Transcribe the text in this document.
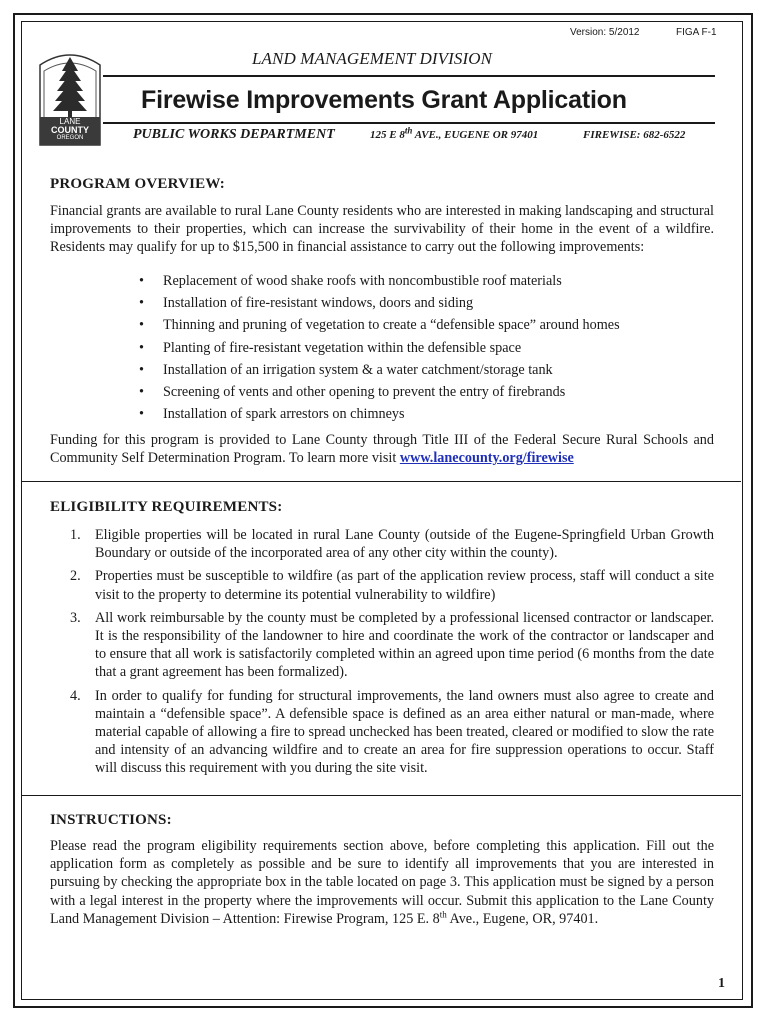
Version: 5/2012	FIGA F-1
LANE
COUNTY
OREGON
LAND MANAGEMENT DIVISION
Firewise Improvements Grant Application
PUBLIC WORKS DEPARTMENT	125 E 8th AVE., EUGENE OR 97401	FIREWISE: 682-6522
PROGRAM OVERVIEW:
Financial grants are available to rural Lane County residents who are interested in making landscaping and structural improvements to their properties, which can increase the survivability of their home in the event of a wildfire. Residents may qualify for up to $15,500 in financial assistance to carry out the following improvements:
• Replacement of wood shake roofs with noncombustible roof materials
• Installation of fire-resistant windows, doors and siding
• Thinning and pruning of vegetation to create a “defensible space” around homes
• Planting of fire-resistant vegetation within the defensible space
• Installation of an irrigation system & a water catchment/storage tank
• Screening of vents and other opening to prevent the entry of firebrands
• Installation of spark arrestors on chimneys
Funding for this program is provided to Lane County through Title III of the Federal Secure Rural Schools and Community Self Determination Program. To learn more visit www.lanecounty.org/firewise
ELIGIBILITY REQUIREMENTS:
1. Eligible properties will be located in rural Lane County (outside of the Eugene-Springfield Urban Growth Boundary or outside of the incorporated area of any other city within the county).
2. Properties must be susceptible to wildfire (as part of the application review process, staff will conduct a site visit to the property to determine its potential vulnerability to wildfire)
3. All work reimbursable by the county must be completed by a professional licensed contractor or landscaper. It is the responsibility of the landowner to hire and coordinate the work of the contractor or landscaper and to ensure that all work is satisfactorily completed within an agreed upon time period (6 months from the date that a grant agreement has been formalized).
4. In order to qualify for funding for structural improvements, the land owners must also agree to create and maintain a “defensible space”. A defensible space is defined as an area either natural or man-made, where material capable of allowing a fire to spread unchecked has been treated, cleared or modified to slow the rate and intensity of an advancing wildfire and to create an area for fire suppression operations to occur. Staff will discuss this requirement with you during the site visit.
INSTRUCTIONS:
Please read the program eligibility requirements section above, before completing this application. Fill out the application form as completely as possible and be sure to identify all improvements that you are interested in pursuing by checking the appropriate box in the table located on page 3. This application must be signed by a person with a legal interest in the property where the improvements will occur. Submit this application to the Lane County Land Management Division – Attention: Firewise Program, 125 E. 8th Ave., Eugene, OR, 97401.
1
